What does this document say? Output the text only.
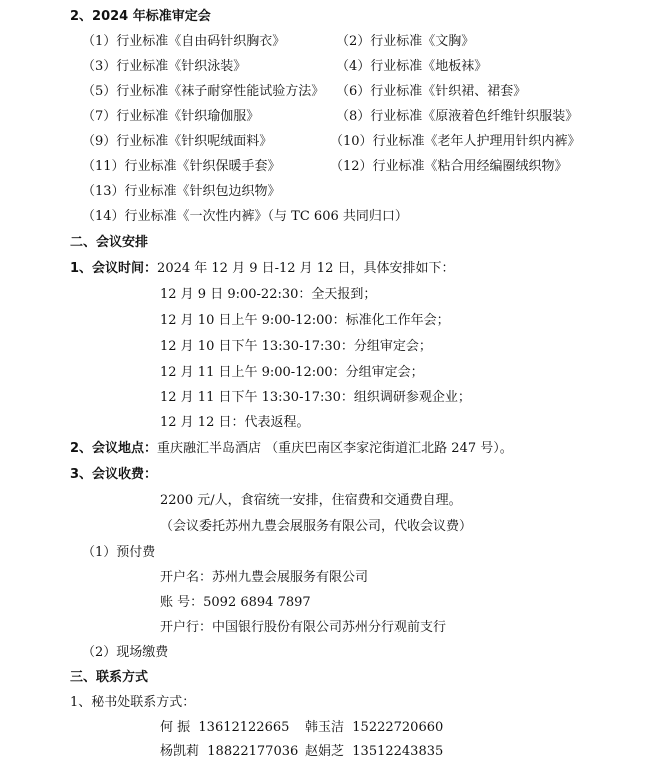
2、2024 年标准审定会
（1）行业标准《自由码针织胸衣》	（2）行业标准《文胸》
（3）行业标准《针织泳装》	（4）行业标准《地板袜》
（5）行业标准《袜子耐穿性能试验方法》 （6）行业标准《针织裙、裙套》
（7）行业标准《针织瑜伽服》	（8）行业标准《原液着色纤维针织服装》
（9）行业标准《针织呢绒面料》	（10）行业标准《老年人护理用针织内裤》
（11）行业标准《针织保暖手套》	（12）行业标准《粘合用经编圈绒织物》
（13）行业标准《针织包边织物》
（14）行业标准《一次性内裤》（与 TC 606 共同归口）
二、会议安排
1、会议时间：2024 年 12 月 9 日-12 月 12 日，具体安排如下：
12 月 9 日 9:00-22:30：全天报到；
12 月 10 日上午 9:00-12:00：标准化工作年会；
12 月 10 日下午 13:30-17:30：分组审定会；
12 月 11 日上午 9:00-12:00：分组审定会；
12 月 11 日下午 13:30-17:30：组织调研参观企业；
12 月 12 日：代表返程。
2、会议地点：重庆融汇半岛酒店 （重庆巴南区李家沱街道汇北路 247 号）。
3、会议收费：
2200 元/人，食宿统一安排，住宿费和交通费自理。
（会议委托苏州九豊会展服务有限公司，代收会议费）
（1）预付费
开户名：苏州九豊会展服务有限公司
账 号：5092 6894 7897
开户行：中国银行股份有限公司苏州分行观前支行
（2）现场缴费
三、联系方式
1、秘书处联系方式：
何 振 13612122665 韩玉洁 15222720660
杨凯莉 18822177036 赵娟芝 13512243835
